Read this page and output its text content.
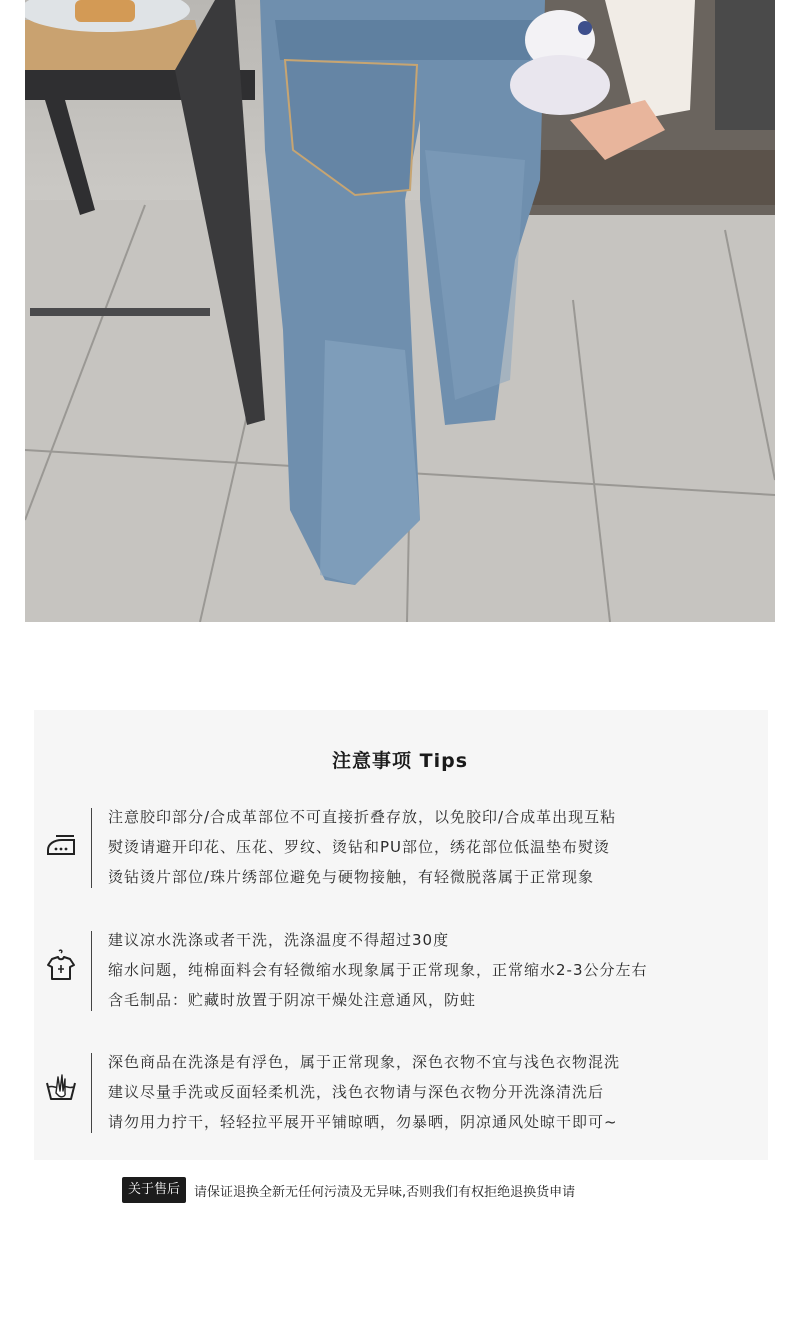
注意事项 Tips
注意胶印部分/合成革部位不可直接折叠存放，以免胶印/合成革出现互粘
熨烫请避开印花、压花、罗纹、烫钻和PU部位，绣花部位低温垫布熨烫
烫钻烫片部位/珠片绣部位避免与硬物接触，有轻微脱落属于正常现象
建议凉水洗涤或者干洗，洗涤温度不得超过30度
缩水问题，纯棉面料会有轻微缩水现象属于正常现象，正常缩水2-3公分左右
含毛制品：贮藏时放置于阴凉干燥处注意通风，防蛀
深色商品在洗涤是有浮色，属于正常现象，深色衣物不宜与浅色衣物混洗
建议尽量手洗或反面轻柔机洗，浅色衣物请与深色衣物分开洗涤清洗后
请勿用力拧干，轻轻拉平展开平铺晾晒，勿暴晒，阴凉通风处晾干即可~
关于售后	请保证退换全新无任何污渍及无异味,否则我们有权拒绝退换货申请
